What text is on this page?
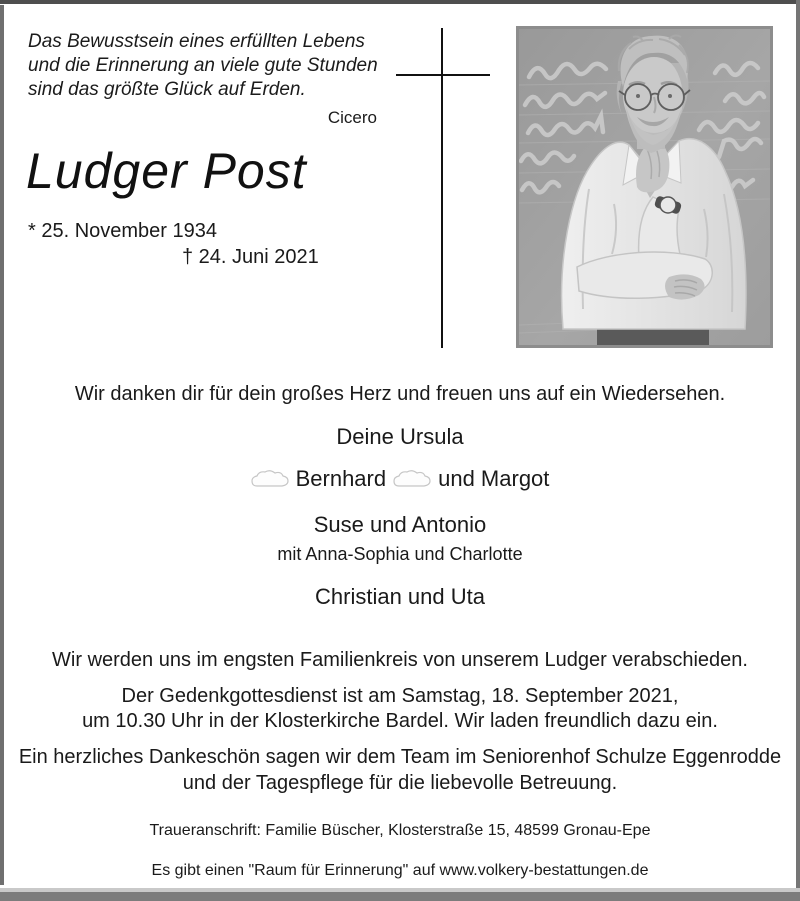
Das Bewusstsein eines erfüllten Lebens
und die Erinnerung an viele gute Stunden
sind das größte Glück auf Erden.
Cicero
Ludger Post
* 25. November 1934
† 24. Juni 2021
Wir danken dir für dein großes Herz und freuen uns auf ein Wiedersehen.
Deine Ursula
Bernhard und Margot
Suse und Antonio
mit Anna-Sophia und Charlotte
Christian und Uta
Wir werden uns im engsten Familienkreis von unserem Ludger verabschieden.
Der Gedenkgottesdienst ist am Samstag, 18. September 2021,
um 10.30 Uhr in der Klosterkirche Bardel. Wir laden freundlich dazu ein.
Ein herzliches Dankeschön sagen wir dem Team im Seniorenhof Schulze Eggenrodde
und der Tagespflege für die liebevolle Betreuung.
Traueranschrift: Familie Büscher, Klosterstraße 15, 48599 Gronau-Epe
Es gibt einen "Raum für Erinnerung" auf www.volkery-bestattungen.de
